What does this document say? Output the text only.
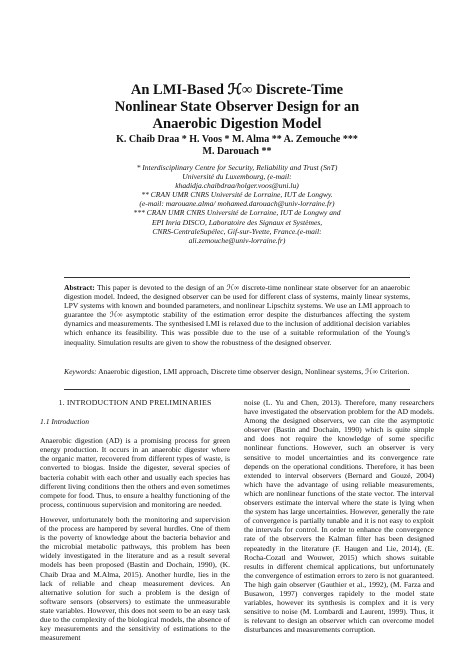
An LMI-Based ℋ∞ Discrete-Time
Nonlinear State Observer Design for an
Anaerobic Digestion Model
K. Chaib Draa * H. Voos * M. Alma ** A. Zemouche ***
M. Darouach **
* Interdisciplinary Centre for Security, Reliability and Trust (SnT)
Université du Luxembourg, (e-mail:
khadidja.chaibdraa/holger.voos@uni.lu)
** CRAN UMR CNRS Université de Lorraine, IUT de Longwy.
(e-mail: marouane.alma/ mohamed.darouach@univ-lorraine.fr)
*** CRAN UMR CNRS Université de Lorraine, IUT de Longwy and
EPI Inria DISCO, Laboratoire des Signaux et Systèmes,
CNRS-CentraleSupélec, Gif-sur-Yvette, France.(e-mail:
ali.zemouche@univ-lorraine.fr)
Abstract: This paper is devoted to the design of an ℋ∞ discrete-time nonlinear state observer for an anaerobic digestion model. Indeed, the designed observer can be used for different class of systems, mainly linear systems, LPV systems with known and bounded parameters, and nonlinear Lipschitz systems. We use an LMI approach to guarantee the ℋ∞ asymptotic stability of the estimation error despite the disturbances affecting the system dynamics and measurements. The synthesised LMI is relaxed due to the inclusion of additional decision variables which enhance its feasibility. This was possible due to the use of a suitable reformulation of the Young's inequality. Simulation results are given to show the robustness of the designed observer.
Keywords: Anaerobic digestion, LMI approach, Discrete time observer design, Nonlinear systems, ℋ∞ Criterion.
1. INTRODUCTION AND PRELIMINARIES
1.1 Introduction
Anaerobic digestion (AD) is a promising process for green energy production. It occurs in an anaerobic digester where the organic matter, recovered from different types of waste, is converted to biogas. Inside the digester, several species of bacteria cohabit with each other and usually each species has different living conditions then the others and even sometimes compete for food. Thus, to ensure a healthy functioning of the process, continuous supervision and monitoring are needed.
However, unfortunately both the monitoring and supervision of the process are hampered by several hurdles. One of them is the poverty of knowledge about the bacteria behavior and the microbial metabolic pathways, this problem has been widely investigated in the literature and as a result several models has been proposed (Bastin and Dochain, 1990), (K. Chaib Draa and M.Alma, 2015). Another hurdle, lies in the lack of reliable and cheap measurement devices. An alternative solution for such a problem is the design of software sensors (observers) to estimate the unmeasurable state variables. However, this does not seem to be an easy task due to the complexity of the biological models, the absence of key measurements and the sensitivity of estimations to the measurement
noise (L. Yu and Chen, 2013). Therefore, many researchers have investigated the observation problem for the AD models. Among the designed observers, we can cite the asymptotic observer (Bastin and Dochain, 1990) which is quite simple and does not require the knowledge of some specific nonlinear functions. However, such an observer is very sensitive to model uncertainties and its convergence rate depends on the operational conditions. Therefore, it has been extended to interval observers (Bernard and Gouzé, 2004) which have the advantage of using reliable measurements, which are nonlinear functions of the state vector. The interval observers estimate the interval where the state is lying when the system has large uncertainties. However, generally the rate of convergence is partially tunable and it is not easy to exploit the intervals for control. In order to enhance the convergence rate of the observers the Kalman filter has been designed repeatedly in the literature (F. Haugen and Lie, 2014), (E. Rocha-Cozatl and Wouwer, 2015) which shows suitable results in different chemical applications, but unfortunately the convergence of estimation errors to zero is not guaranteed. The high gain observer (Gauthier et al., 1992), (M. Farza and Busawon, 1997) converges rapidely to the model state variables, however its synthesis is complex and it is very sensitive to noise (M. Lombardi and Laurent, 1999). Thus, it is relevant to design an observer which can overcome model disturbances and measurements corruption.
